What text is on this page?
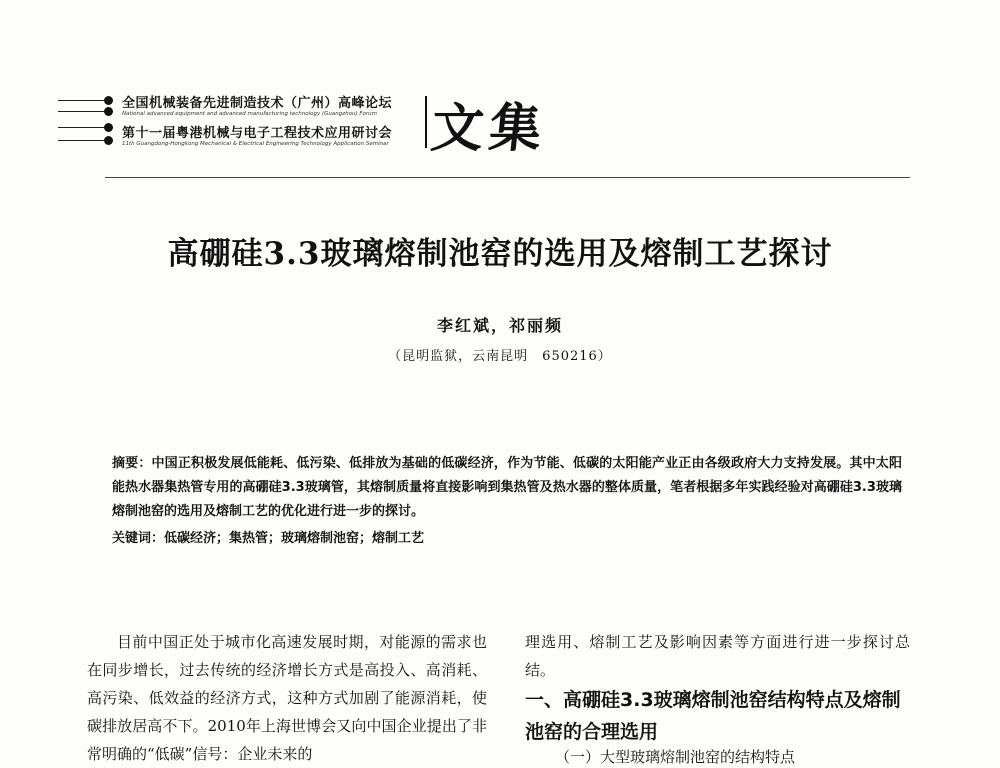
全国机械装备先进制造技术（广州）高峰论坛
National advanced equipment and advanced manufacturing technology (Guangzhou) Forum
第十一届粤港机械与电子工程技术应用研讨会
11th Guangdong-Hongkong Mechanical & Electrical Engineering Technology Application Seminar 文集
高硼硅3.3玻璃熔制池窑的选用及熔制工艺探讨
李红斌，祁丽频
（昆明监狱，云南昆明　650216）
摘要：中国正积极发展低能耗、低污染、低排放为基础的低碳经济，作为节能、低碳的太阳能产业正由各级政府大力支持发展。其中太阳能热水器集热管专用的高硼硅3.3玻璃管，其熔制质量将直接影响到集热管及热水器的整体质量，笔者根据多年实践经验对高硼硅3.3玻璃熔制池窑的选用及熔制工艺的优化进行进一步的探讨。
关键词：低碳经济；集热管；玻璃熔制池窑；熔制工艺
目前中国正处于城市化高速发展时期，对能源的需求也在同步增长，过去传统的经济增长方式是高投入、高消耗、高污染、低效益的经济方式，这种方式加剧了能源消耗，使碳排放居高不下。2010年上海世博会又向中国企业提出了非常明确的“低碳”信号：企业未来的
理选用、熔制工艺及影响因素等方面进行进一步探讨总结。
一、高硼硅3.3玻璃熔制池窑结构特点及熔制池窑的合理选用
（一）大型玻璃熔制池窑的结构特点
